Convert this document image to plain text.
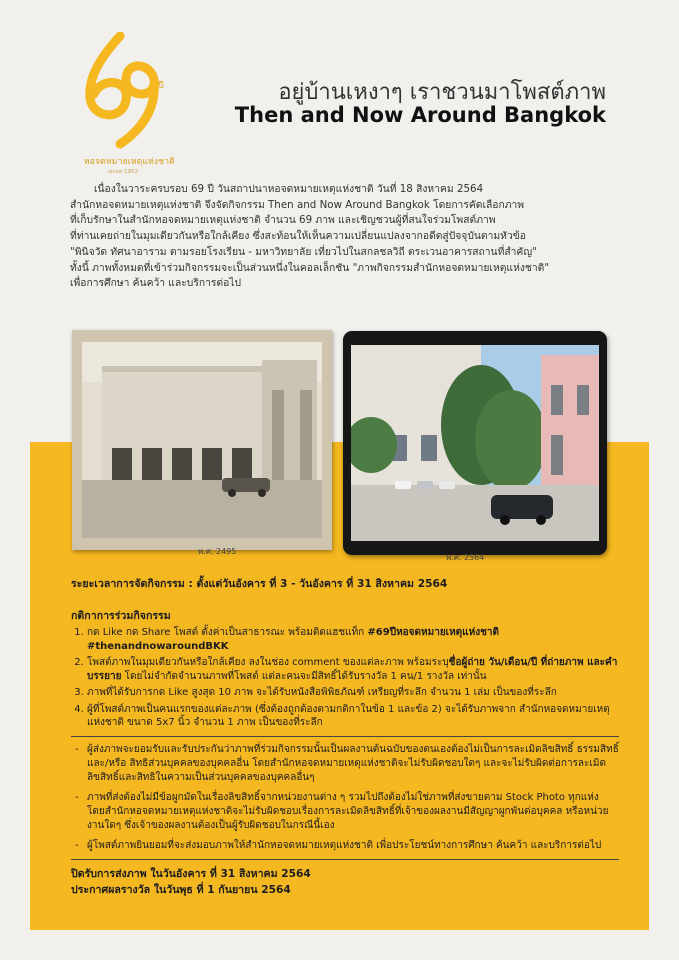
ปี
หอจดหมายเหตุแห่งชาติ
since 1952
อยู่บ้านเหงาๆ เราชวนมาโพสต์ภาพ
Then and Now Around Bangkok
เนื่องในวาระครบรอบ 69 ปี วันสถาปนาหอจดหมายเหตุแห่งชาติ วันที่ 18 สิงหาคม 2564
สำนักหอจดหมายเหตุแห่งชาติ จึงจัดกิจกรรม Then and Now Around Bangkok โดยการคัดเลือกภาพ
ที่เก็บรักษาในสำนักหอจดหมายเหตุแห่งชาติ จำนวน 69 ภาพ และเชิญชวนผู้ที่สนใจร่วมโพสต์ภาพ
ที่ท่านเคยถ่ายในมุมเดียวกันหรือใกล้เคียง ซึ่งสะท้อนให้เห็นความเปลี่ยนแปลงจากอดีตสู่ปัจจุบันตามหัวข้อ
"พินิจวัด ทัศนาอาราม ตามรอยโรงเรียน - มหาวิทยาลัย เที่ยวไปในสกลชลวิถี ตระเวนอาคารสถานที่สำคัญ"
ทั้งนี้ ภาพทั้งหมดที่เข้าร่วมกิจกรรมจะเป็นส่วนหนึ่งในคอลเล็กชัน "ภาพกิจกรรมสำนักหอจดหมายเหตุแห่งชาติ"
เพื่อการศึกษา ค้นคว้า และบริการต่อไป
พ.ศ. 2495
พ.ศ. 2564
ระยะเวลาการจัดกิจกรรม : ตั้งแต่วันอังคาร ที่ 3 - วันอังคาร ที่ 31 สิงหาคม 2564
กติกาการร่วมกิจกรรม
1. กด Like กด Share โพสต์ ตั้งค่าเป็นสาธารณะ พร้อมติดแฮชแท็ก #69ปีหอจดหมายเหตุแห่งชาติ
#thenandnowaroundBKK
2. โพสต์ภาพในมุมเดียวกันหรือใกล้เคียง ลงในช่อง comment ของแต่ละภาพ พร้อมระบุชื่อผู้ถ่าย วัน/เดือน/ปี ที่ถ่ายภาพ และคำบรรยาย โดยไม่จำกัดจำนวนภาพที่โพสต์ แต่ละคนจะมีสิทธิ์ได้รับรางวัล 1 คน/1 รางวัล เท่านั้น
3. ภาพที่ได้รับการกด Like สูงสุด 10 ภาพ จะได้รับหนังสือพิพิธภัณฑ์ เหรียญที่ระลึก จำนวน 1 เล่ม เป็นของที่ระลึก
4. ผู้ที่โพสต์ภาพเป็นคนแรกของแต่ละภาพ (ซึ่งต้องถูกต้องตามกติกาในข้อ 1 และข้อ 2) จะได้รับภาพจาก สำนักหอจดหมายเหตุแห่งชาติ ขนาด 5x7 นิ้ว จำนวน 1 ภาพ เป็นของที่ระลึก
- ผู้ส่งภาพจะยอมรับและรับประกันว่าภาพที่ร่วมกิจกรรมนั้นเป็นผลงานต้นฉบับของตนเองต้องไม่เป็นการละเมิดลิขสิทธิ์ ธรรมสิทธิ์และ/หรือ สิทธิส่วนบุคคลของบุคคลอื่น โดยสำนักหอจดหมายเหตุแห่งชาติจะไม่รับผิดชอบใดๆ และจะไม่รับผิดต่อการละเมิดลิขสิทธิ์และสิทธิในความเป็นส่วนบุคคลของบุคคลอื่นๆ
- ภาพที่ส่งต้องไม่มีข้อผูกมัดในเรื่องลิขสิทธิ์จากหน่วยงานต่าง ๆ รวมไปถึงต้องไม่ใช่ภาพที่ส่งขายตาม Stock Photo ทุกแห่ง โดยสำนักหอจดหมายเหตุแห่งชาติจะไม่รับผิดชอบเรื่องการละเมิดลิขสิทธิ์ที่เจ้าของผลงานมีสัญญาผูกพันต่อบุคคล หรือหน่วยงานใดๆ ซึ่งเจ้าของผลงานต้องเป็นผู้รับผิดชอบในกรณีนี้เอง
- ผู้โพสต์ภาพยินยอมที่จะส่งมอบภาพให้สำนักหอจดหมายเหตุแห่งชาติ เพื่อประโยชน์ทางการศึกษา ค้นคว้า และบริการต่อไป
ปิดรับการส่งภาพ ในวันอังคาร ที่ 31 สิงหาคม 2564
ประกาศผลรางวัล ในวันพุธ ที่ 1 กันยายน 2564
